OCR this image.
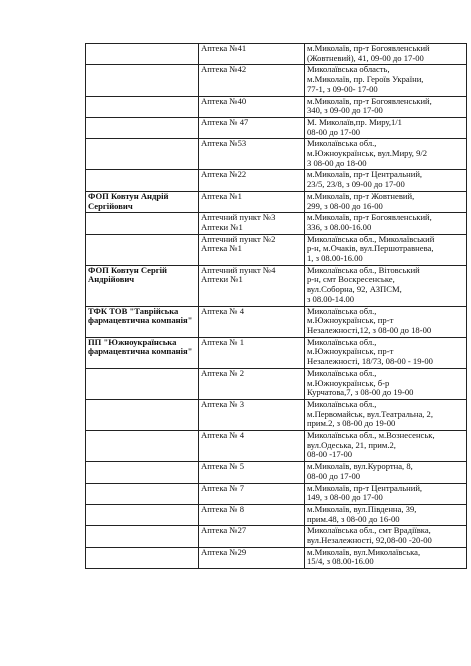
	Аптека №41	м.Миколаїв, пр-т Богоявленський
(Жовтневий), 41, 09-00 до 17-00

	Аптека №42	Миколаївська область,
м.Миколаїв, пр. Героїв України,
77-1, з 09-00- 17-00

	Аптека №40	м.Миколаїв, пр-т Богоявленський,
340, з 09-00 до 17-00

	Аптека № 47	М. Миколаїв,пр. Миру,1/1
08-00 до 17-00

	Аптека №53	Миколаївська обл.,
м.Южноукраїнськ, вул.Миру, 9/2
З 08-00 до 18-00

	Аптека №22	м.Миколаїв, пр-т Центральний,
23/5, 23/8, з 09-00 до 17-00

ФОП Ковтун Андрій
Сергійович	Аптека №1	м.Миколаїв, пр-т Жовтневий,
299, з 08-00 до 16-00

	Аптечний пункт №3
Аптеки №1	м.Миколаїв, пр-т Богоявленський,
336, з 08.00-16.00

	Аптечний пункт №2
Аптека №1	Миколаївська обл., Миколаївський
р-н, м.Очаків, вул.Першотравнева,
1, з 08.00-16.00

ФОП Ковтун Сергій
Андрійович	Аптечний пункт №4
Аптеки №1	Миколаївська обл., Вітовський
р-н, смт Воскресенське,
вул.Соборна, 92, АЗПСМ,
з 08.00-14.00

ТФК ТОВ "Таврійська
фармацевтична компанія"	Аптека № 4	Миколаївська обл.,
м.Южноукраїнськ, пр-т
Незалежності,12, з 08-00 до 18-00

ПП "Южноукраїнська
фармацевтична компанія"	Аптека № 1	Миколаївська обл.,
м.Южноукраїнськ, пр-т
Незалежності, 18/73, 08-00 - 19-00

	Аптека № 2	Миколаївська обл.,
м.Южноукраїнськ, б-р
Курчатова,7, з 08-00 до 19-00

	Аптека № 3	Миколаївська обл.,
м.Первомайськ, вул.Театральна, 2,
прим.2, з 08-00 до 19-00

	Аптека № 4	Миколаївська обл., м.Вознесенськ,
вул.Одеська, 21, прим.2,
08-00 -17-00

	Аптека № 5	м.Миколаїв, вул.Курортна, 8,
08-00 до 17-00

	Аптека № 7	м.Миколаїв, пр-т Центральний,
149, з 08-00 до 17-00

	Аптека № 8	м.Миколаїв, вул.Південна, 39,
прим.48, з 08-00 до 16-00

	Аптека №27	Миколаївська обл., смт Врадіївка,
вул.Незалежності, 92,08-00 -20-00

	Аптека №29	м.Миколаїв, вул.Миколаївська,
15/4, з 08.00-16.00
